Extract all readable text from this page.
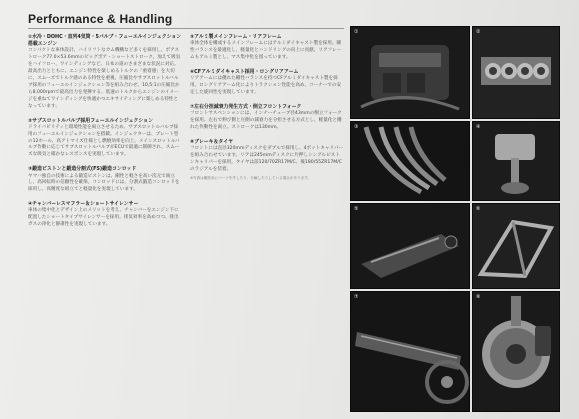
Performance & Handling
①水冷・DOHC・直列4気筒・5バルブ・フューエルインジェクション搭載エンジン
コンパクトな車体設計、ハイリフトなカム機構など多くを採用し、ボアストローク77.0×53.6mmのビッグボア・ショートストローク。加えて吸気をハイフロー、ワインディングなど、日本の道のさまざまな状況に対応。最高出力とともに、エンジン特性を楽しめるトルクの「重着感」を大切に、スムーズでトルク感のある特性を重視。圧縮比やサブスロットルバルブ採用のフューエルインジェクション等を組み合わせ、10,5:1の圧縮比から8,000rpmで最高出力を発揮する。低速のトルクからエンジンのイメージを重ねてワインディングを快適かつエキサイティングに楽しめる特性となっています。
②サブスロットルバルブ採用フューエルインジェクション
ドライバビリティと環境性能を両立させるため、サブスロットルバルブ採用のフューエルインジェクションを搭載。インジェクターは、プレート型の12ホール、高アトマイズ仕様とし燃焼効率を向上。メインスロットルバルブ作動に応じてサブスロットルバルブがECUで最適に制御され、スムーズな吸気と確かなレスポンスを実現しています。
③鍛造ピストンと鍛造分割式(FS)鍛造コンロッド
ヤマハ独自の技術による鍛造ピストンは、剛性と軽さを高い次元で両立し、高回転時の信頼性を確保。コンロッドには、分割式鍛造コンロッドを採用し、高精度な組立てと軽量化を実現しています。
④チャンバーレスマフラー＆ショートサイレンサー
車体の集中化とデザイン上のメリットを考え、チャンバーをエンジン下に配置したショートタイプサイレンサーを採用。排気効率を高めつつ、排出ガスの浄化と静粛性を実現しています。
⑤アルミ製メインフレーム・リアフレーム
車体全体を構成するメインフレームにはアルミダイキャスト製を採用。剛性バランスを最適化し、軽量化とハンドリングの向上に貢献。リアフレームもアルミ製とし、マス集中化を図っています。
⑥CFアルミダイキャスト採用・ロングリアアーム
リアアームには優れた剛性バランスを持つCFアルミダイキャスト製を採用。ロングリアアーム化によりトラクション性能を高め、コーナーでの安定した旋回性を実現しています。
⑦左右分担減衰力発生方式・倒立フロントフォーク
フロントサスペンションには、インナーチューブ径43mmの倒立フォークを採用。左右で伸び側と圧側の減衰力を分担させる方式とし、軽量化と優れた作動性を両立。ストロークは130mm。
⑧ブレーキ＆タイヤ
フロントには直径320mmディスクをダブルで採用し、4ポットキャリパーを組み合わせています。リアは245mmディスクに片押しシングルピストンキャリパーを採用。タイヤは前120/70ZR17M/C、後180/55ZR17M/Cのラジアルを装着。
※写真は撮影用にパーツを外したり、分解したりしている場合があります。
①	②
③	④
⑤	⑥
⑦	⑧
